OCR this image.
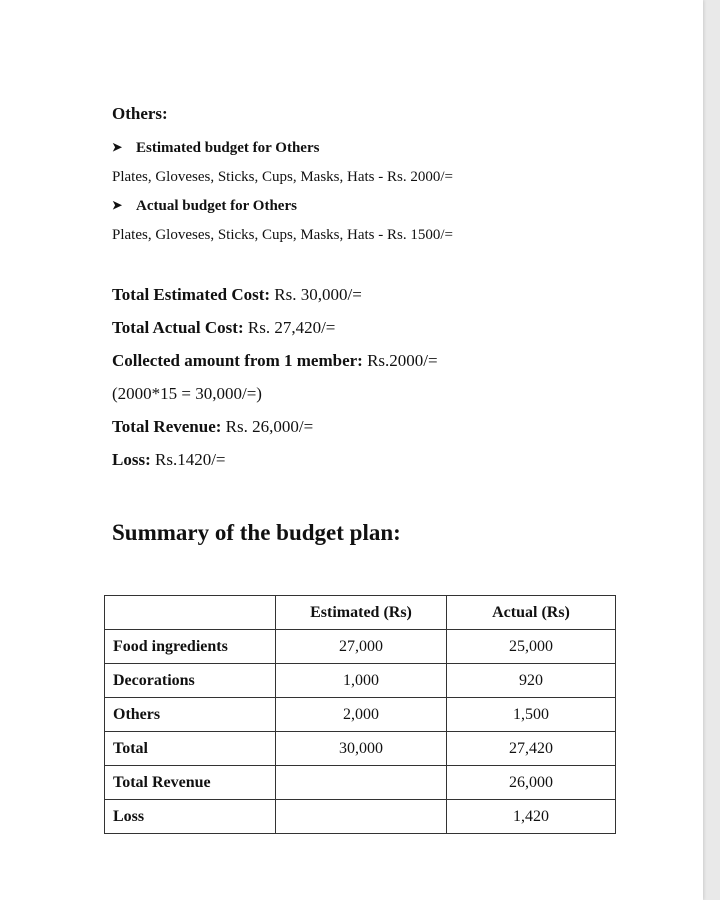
Others:
➤ Estimated budget for Others
Plates, Gloveses, Sticks, Cups, Masks, Hats - Rs. 2000/=
➤ Actual budget for Others
Plates, Gloveses, Sticks, Cups, Masks, Hats - Rs. 1500/=
Total Estimated Cost: Rs. 30,000/=
Total Actual Cost: Rs. 27,420/=
Collected amount from 1 member: Rs.2000/=
(2000*15 = 30,000/=)
Total Revenue: Rs. 26,000/=
Loss: Rs.1420/=
Summary of the budget plan:
	Estimated (Rs)	Actual (Rs)
Food ingredients	27,000	25,000
Decorations	1,000	920
Others	2,000	1,500
Total	30,000	27,420
Total Revenue		26,000
Loss		1,420
